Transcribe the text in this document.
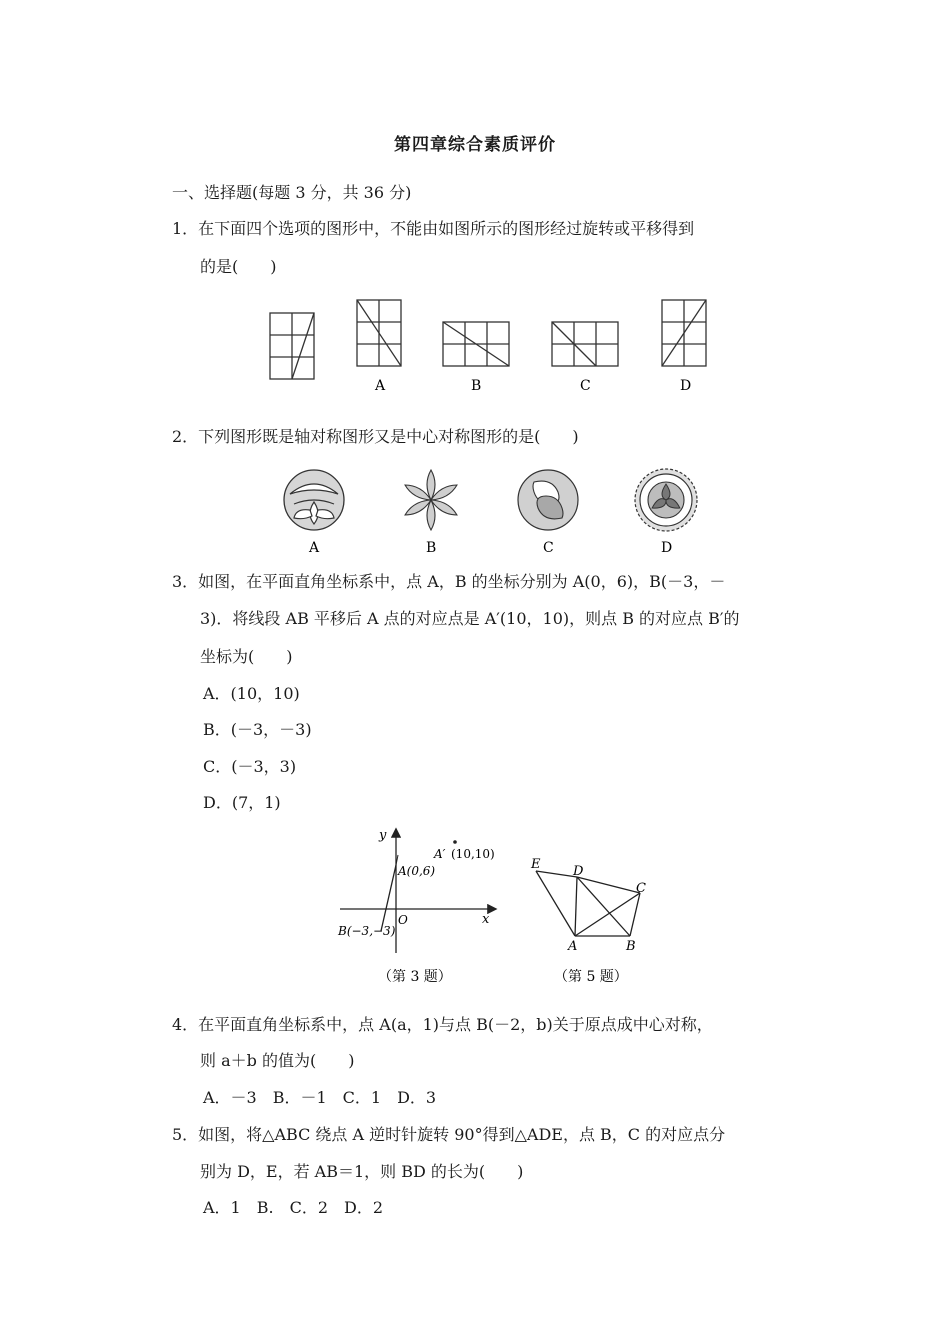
第四章综合素质评价
一、选择题(每题 3 分，共 36 分)
1．在下面四个选项的图形中，不能由如图所示的图形经过旋转或平移得到
的是(　　)
A	B	C	D
2．下列图形既是轴对称图形又是中心对称图形的是(　　)
A	B	C	D
3．如图，在平面直角坐标系中，点 A，B 的坐标分别为 A(0，6)，B(－3，－
3)．将线段 AB 平移后 A 点的对应点是 A′(10，10)，则点 B 的对应点 B′的
坐标为(　　)
A．(10，10)
B．(－3，－3)
C．(－3，3)
D．(7，1)
y
x
O
A(0,6)
B(−3,−3)
A′ (10,10)
（第 3 题）
E	D
C
A	B
（第 5 题）
4．在平面直角坐标系中，点 A(a，1)与点 B(－2，b)关于原点成中心对称，
则 a＋b 的值为(　　)
A．－3　B．－1　C．1　D．3
5．如图，将△ABC 绕点 A 逆时针旋转 90°得到△ADE，点 B，C 的对应点分
别为 D，E，若 AB＝1，则 BD 的长为(　　)
A．1　B.　C．2　D．2
